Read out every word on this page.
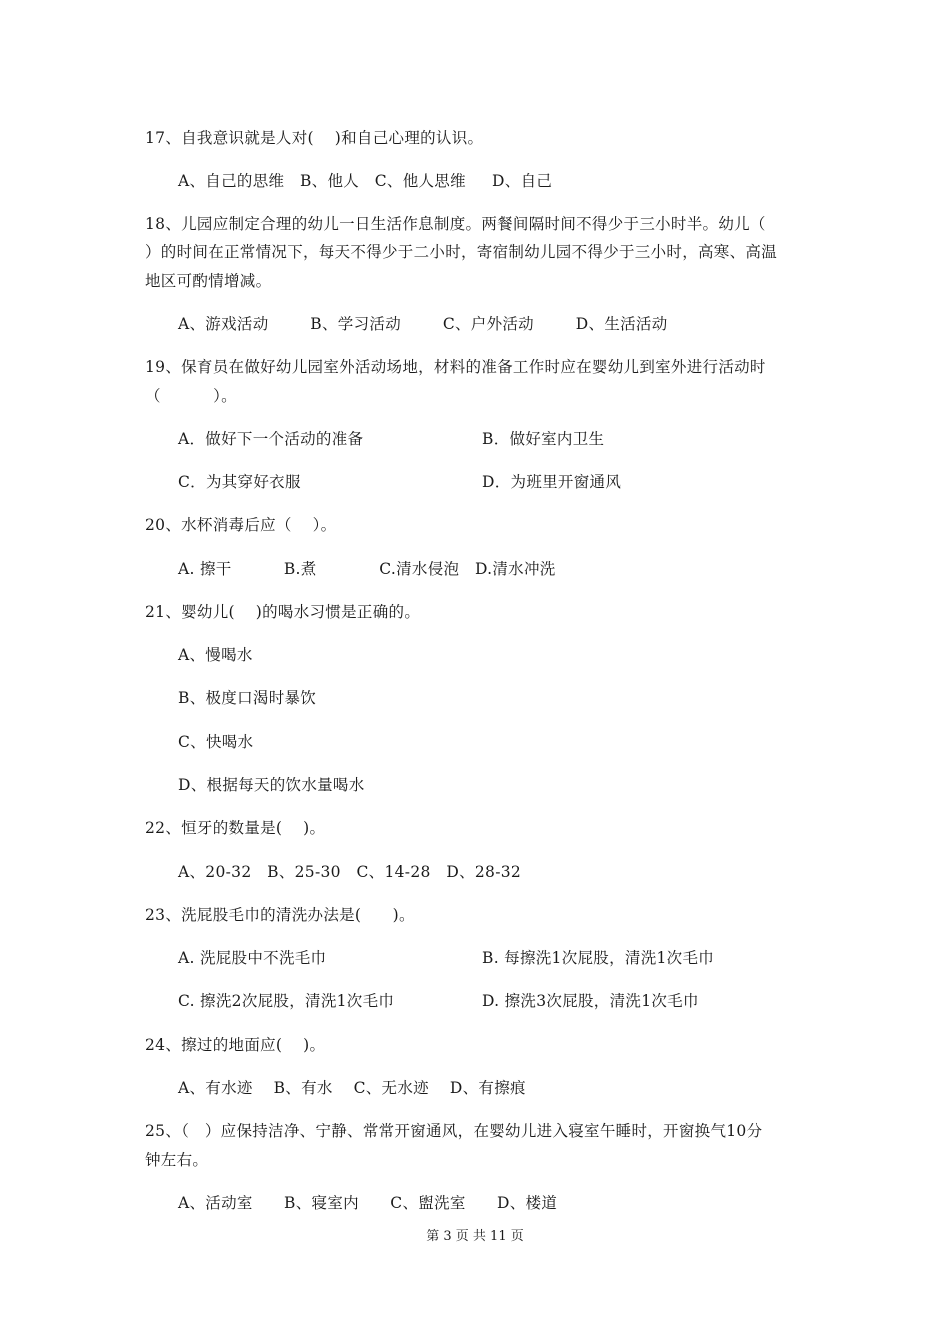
17、自我意识就是人对(    )和自己心理的认识。
A、自己的思维   B、他人   C、他人思维     D、自己
18、儿园应制定合理的幼儿一日生活作息制度。两餐间隔时间不得少于三小时半。幼儿（
）的时间在正常情况下，每天不得少于二小时，寄宿制幼儿园不得少于三小时，高寒、高温
地区可酌情增减。
A、游戏活动        B、学习活动        C、户外活动        D、生活活动
19、保育员在做好幼儿园室外活动场地，材料的准备工作时应在婴幼儿到室外进行活动时
（          ）。
A．做好下一个活动的准备	B．做好室内卫生
C．为其穿好衣服	D．为班里开窗通风
20、水杯消毒后应（    ）。
A. 擦干          B.煮            C.清水侵泡   D.清水冲洗
21、婴幼儿(    )的喝水习惯是正确的。
A、慢喝水
B、极度口渴时暴饮
C、快喝水
D、根据每天的饮水量喝水
22、恒牙的数量是(    )。
A、20-32   B、25-30   C、14-28   D、28-32
23、洗屁股毛巾的清洗办法是(      )。
A. 洗屁股中不洗毛巾	B. 每擦洗1次屁股，清洗1次毛巾
C. 擦洗2次屁股，清洗1次毛巾	D. 擦洗3次屁股，清洗1次毛巾
24、擦过的地面应(    )。
A、有水迹    B、有水    C、无水迹    D、有擦痕
25、（   ）应保持洁净、宁静、常常开窗通风，在婴幼儿进入寝室午睡时，开窗换气10分
钟左右。
A、活动室      B、寝室内      C、盥洗室      D、楼道
第 3 页 共 11 页
